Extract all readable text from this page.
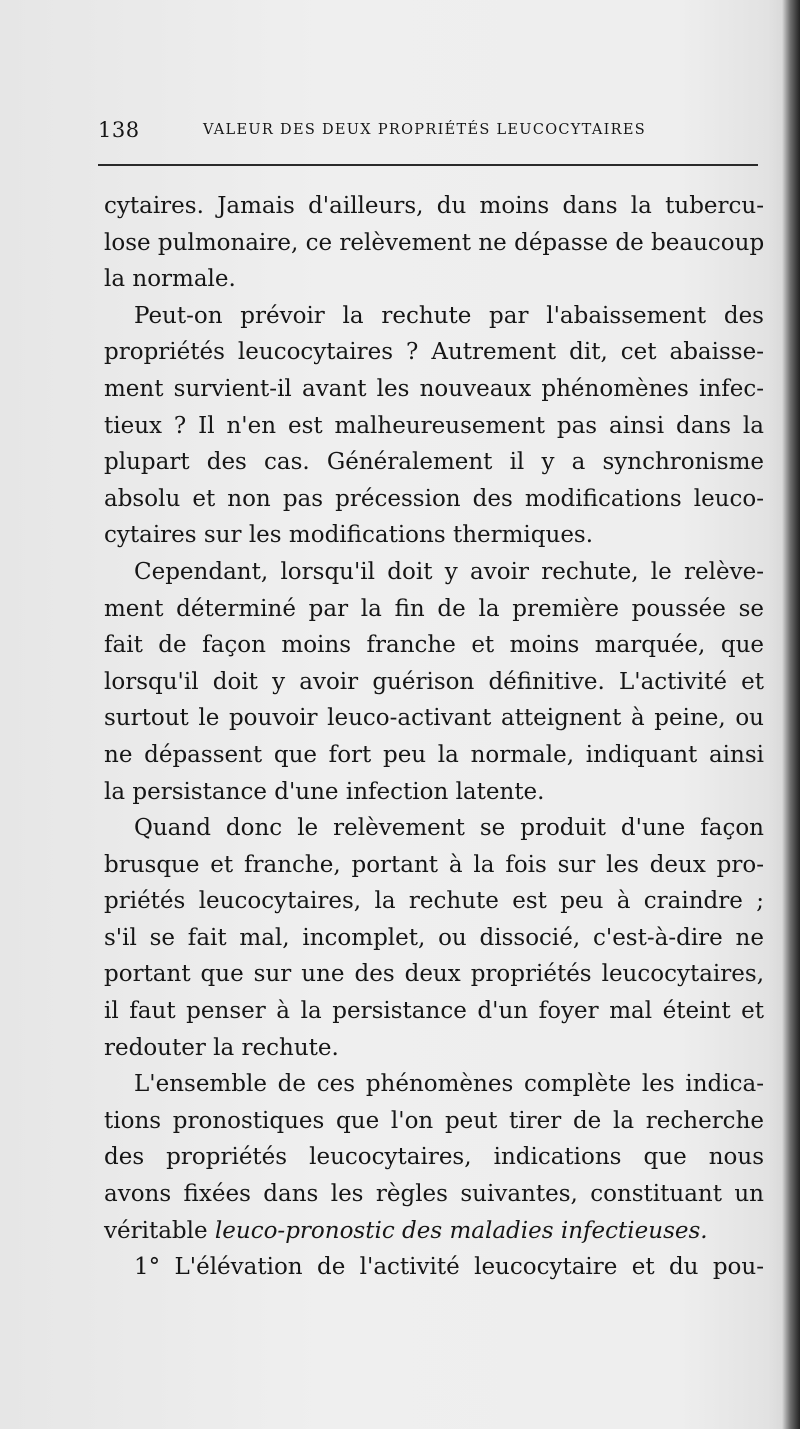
138	VALEUR DES DEUX PROPRIÉTÉS LEUCOCYTAIRES
cytaires. Jamais d'ailleurs, du moins dans la tubercu-
lose pulmonaire, ce relèvement ne dépasse de beaucoup
la normale.
Peut-on prévoir la rechute par l'abaissement des
propriétés leucocytaires ? Autrement dit, cet abaisse-
ment survient-il avant les nouveaux phénomènes infec-
tieux ? Il n'en est malheureusement pas ainsi dans la
plupart des cas. Généralement il y a synchronisme
absolu et non pas précession des modifications leuco-
cytaires sur les modifications thermiques.
Cependant, lorsqu'il doit y avoir rechute, le relève-
ment déterminé par la fin de la première poussée se
fait de façon moins franche et moins marquée, que
lorsqu'il doit y avoir guérison définitive. L'activité et
surtout le pouvoir leuco-activant atteignent à peine, ou
ne dépassent que fort peu la normale, indiquant ainsi
la persistance d'une infection latente.
Quand donc le relèvement se produit d'une façon
brusque et franche, portant à la fois sur les deux pro-
priétés leucocytaires, la rechute est peu à craindre ;
s'il se fait mal, incomplet, ou dissocié, c'est-à-dire ne
portant que sur une des deux propriétés leucocytaires,
il faut penser à la persistance d'un foyer mal éteint et
redouter la rechute.
L'ensemble de ces phénomènes complète les indica-
tions pronostiques que l'on peut tirer de la recherche
des propriétés leucocytaires, indications que nous
avons fixées dans les règles suivantes, constituant un
véritable leuco-pronostic des maladies infectieuses.
1° L'élévation de l'activité leucocytaire et du pou-
